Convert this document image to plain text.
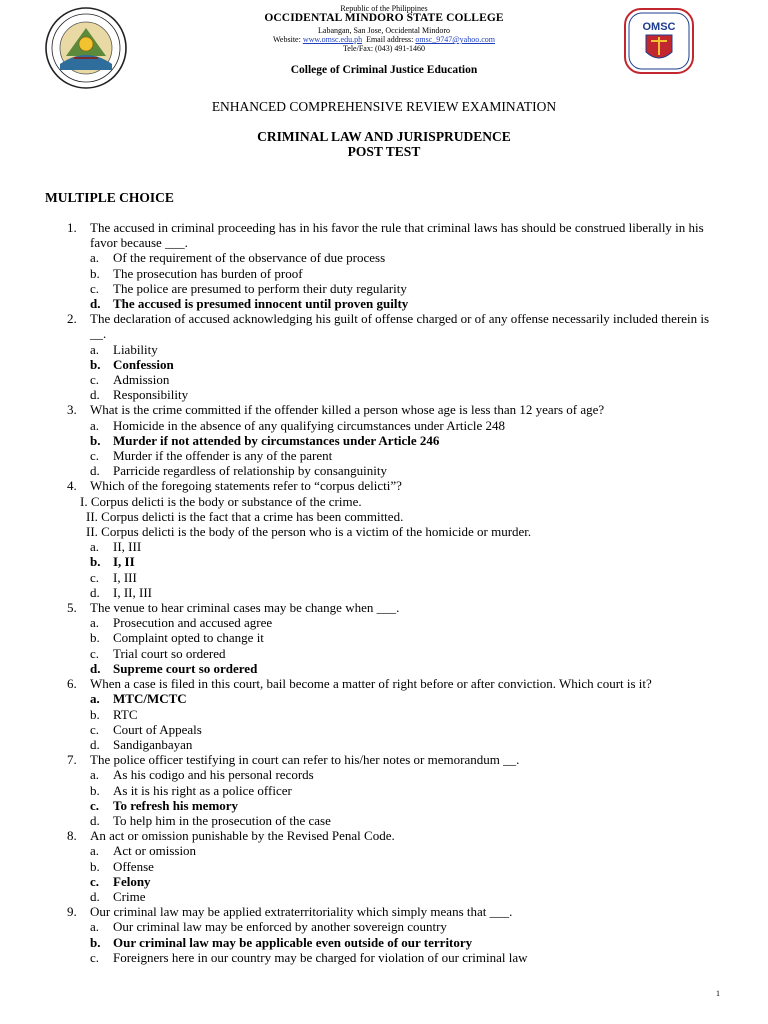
Republic of the Philippines
OCCIDENTAL MINDORO STATE COLLEGE
Labangan, San Jose, Occidental Mindoro
Website: www.omsc.edu.ph Email address: omsc_9747@yahoo.com
Tele/Fax: (043) 491-1460
College of Criminal Justice Education
OMSC
ENHANCED COMPREHENSIVE REVIEW EXAMINATION
CRIMINAL LAW AND JURISPRUDENCE
POST TEST
MULTIPLE CHOICE
1.	The accused in criminal proceeding has in his favor the rule that criminal laws has should be construed liberally in his favor because ___.
a. Of the requirement of the observance of due process
b. The prosecution has burden of proof
c. The police are presumed to perform their duty regularity
d. The accused is presumed innocent until proven guilty
2.	The declaration of accused acknowledging his guilt of offense charged or of any offense necessarily included therein is __.
a. Liability
b. Confession
c. Admission
d. Responsibility
3.	What is the crime committed if the offender killed a person whose age is less than 12 years of age?
a. Homicide in the absence of any qualifying circumstances under Article 248
b. Murder if not attended by circumstances under Article 246
c. Murder if the offender is any of the parent
d. Parricide regardless of relationship by consanguinity
4.	Which of the foregoing statements refer to “corpus delicti”?
I. Corpus delicti is the body or substance of the crime.
II. Corpus delicti is the fact that a crime has been committed.
II. Corpus delicti is the body of the person who is a victim of the homicide or murder.
a. II, III
b. I, II
c. I, III
d. I, II, III
5.	The venue to hear criminal cases may be change when ___.
a. Prosecution and accused agree
b. Complaint opted to change it
c. Trial court so ordered
d. Supreme court so ordered
6.	When a case is filed in this court, bail become a matter of right before or after conviction. Which court is it?
a. MTC/MCTC
b. RTC
c. Court of Appeals
d. Sandiganbayan
7.	The police officer testifying in court can refer to his/her notes or memorandum __.
a. As his codigo and his personal records
b. As it is his right as a police officer
c. To refresh his memory
d. To help him in the prosecution of the case
8.	An act or omission punishable by the Revised Penal Code.
a. Act or omission
b. Offense
c. Felony
d. Crime
9.	Our criminal law may be applied extraterritoriality which simply means that ___.
a. Our criminal law may be enforced by another sovereign country
b. Our criminal law may be applicable even outside of our territory
c. Foreigners here in our country may be charged for violation of our criminal law
1
